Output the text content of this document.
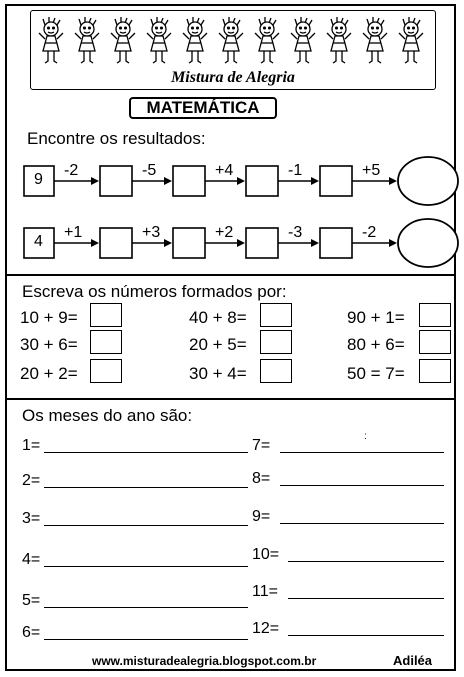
Mistura de Alegria
MATEMÁTICA
Encontre os resultados:
9
-2	-5	+4	-1	+5
4
+1	+3	+2	-3	-2
Escreva os números formados por:
10 + 9=
30 + 6=
20 + 2=
40 + 8=
20 + 5=
30 + 4=
90 + 1=
80 + 6=
50 = 7=
Os meses do ano são:
:
1=
2=
3=
4=
5=
6=
7=
8=
9=
10=
11=
12=
www.misturadealegria.blogspot.com.br	Adiléa
